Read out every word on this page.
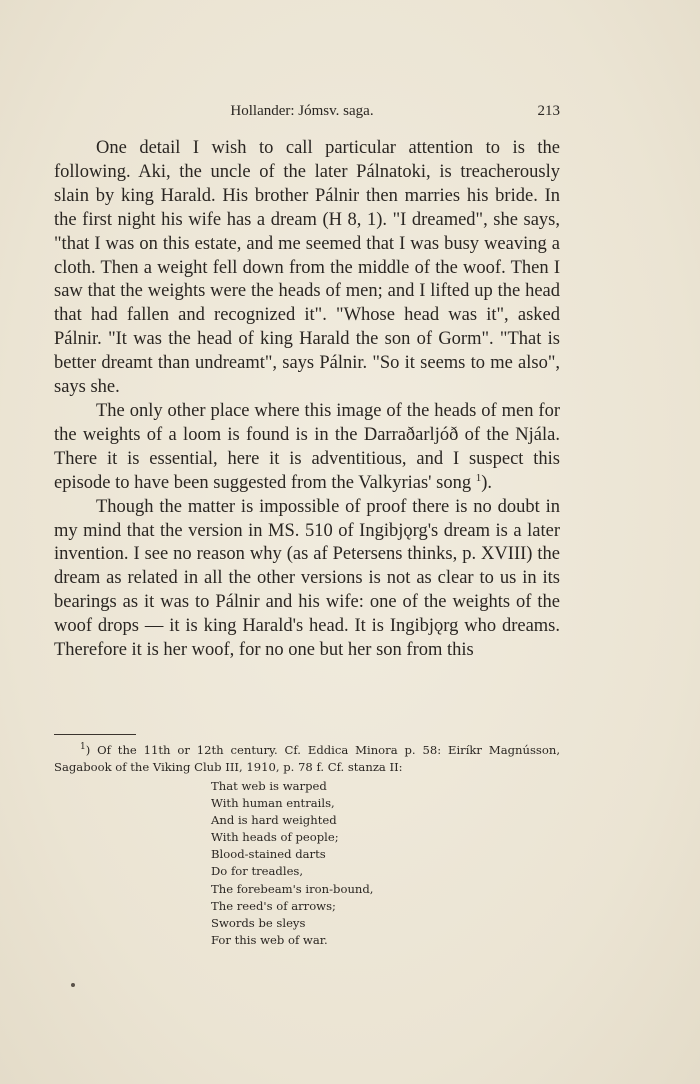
Hollander: Jómsv. saga.	213

One detail I wish to call particular attention to is the following. Aki, the uncle of the later Pálnatoki, is treacherously slain by king Harald. His brother Pálnir then marries his bride. In the first night his wife has a dream (H 8, 1). "I dreamed", she says, "that I was on this estate, and me seemed that I was busy weaving a cloth. Then a weight fell down from the middle of the woof. Then I saw that the weights were the heads of men; and I lifted up the head that had fallen and recognized it". "Whose head was it", asked Pálnir. "It was the head of king Harald the son of Gorm". "That is better dreamt than undreamt", says Pálnir. "So it seems to me also", says she.

The only other place where this image of the heads of men for the weights of a loom is found is in the Darraðarljóð of the Njála. There it is essential, here it is adventitious, and I suspect this episode to have been suggested from the Valkyrias' song $^1$).

Though the matter is impossible of proof there is no doubt in my mind that the version in MS. 510 of Ingibjǫrg's dream is a later invention. I see no reason why (as af Petersens thinks, p. XVIII) the dream as related in all the other versions is not as clear to us in its bearings as it was to Pálnir and his wife: one of the weights of the woof drops — it is king Harald's head. It is Ingibjǫrg who dreams. Therefore it is her woof, for no one but her son from this

$^1$) Of the 11th or 12th century. Cf. Eddica Minora p. 58: Eiríkr Magnússon, Sagabook of the Viking Club III, 1910, p. 78 f. Cf. stanza II:

That web is warped
With human entrails,
And is hard weighted
With heads of people;
Blood-stained darts
Do for treadles,
The forebeam's iron-bound,
The reed's of arrows;
Swords be sleys
For this web of war.
